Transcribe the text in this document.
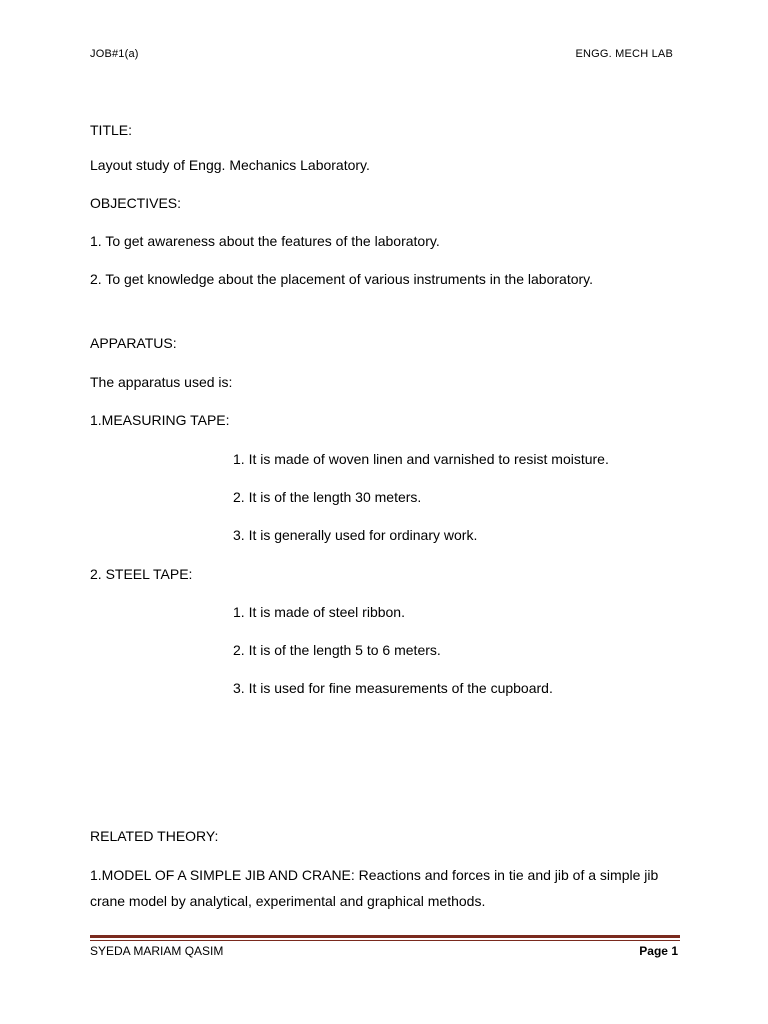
JOB#1(a)	ENGG. MECH LAB
TITLE:
Layout study of Engg. Mechanics Laboratory.
OBJECTIVES:
1. To get awareness about the features of the laboratory.
2. To get knowledge about the placement of various instruments in the laboratory.
APPARATUS:
The apparatus used is:
1.MEASURING TAPE:
1. It is made of woven linen and varnished to resist moisture.
2. It is of the length 30 meters.
3. It is generally used for ordinary work.
2. STEEL TAPE:
1. It is made of steel ribbon.
2. It is of the length 5 to 6 meters.
3. It is used for fine measurements of the cupboard.
RELATED THEORY:
1.MODEL OF A SIMPLE JIB AND CRANE: Reactions and forces in tie and jib of a simple jib crane model by analytical, experimental and graphical methods.
SYEDA MARIAM QASIM	Page 1
